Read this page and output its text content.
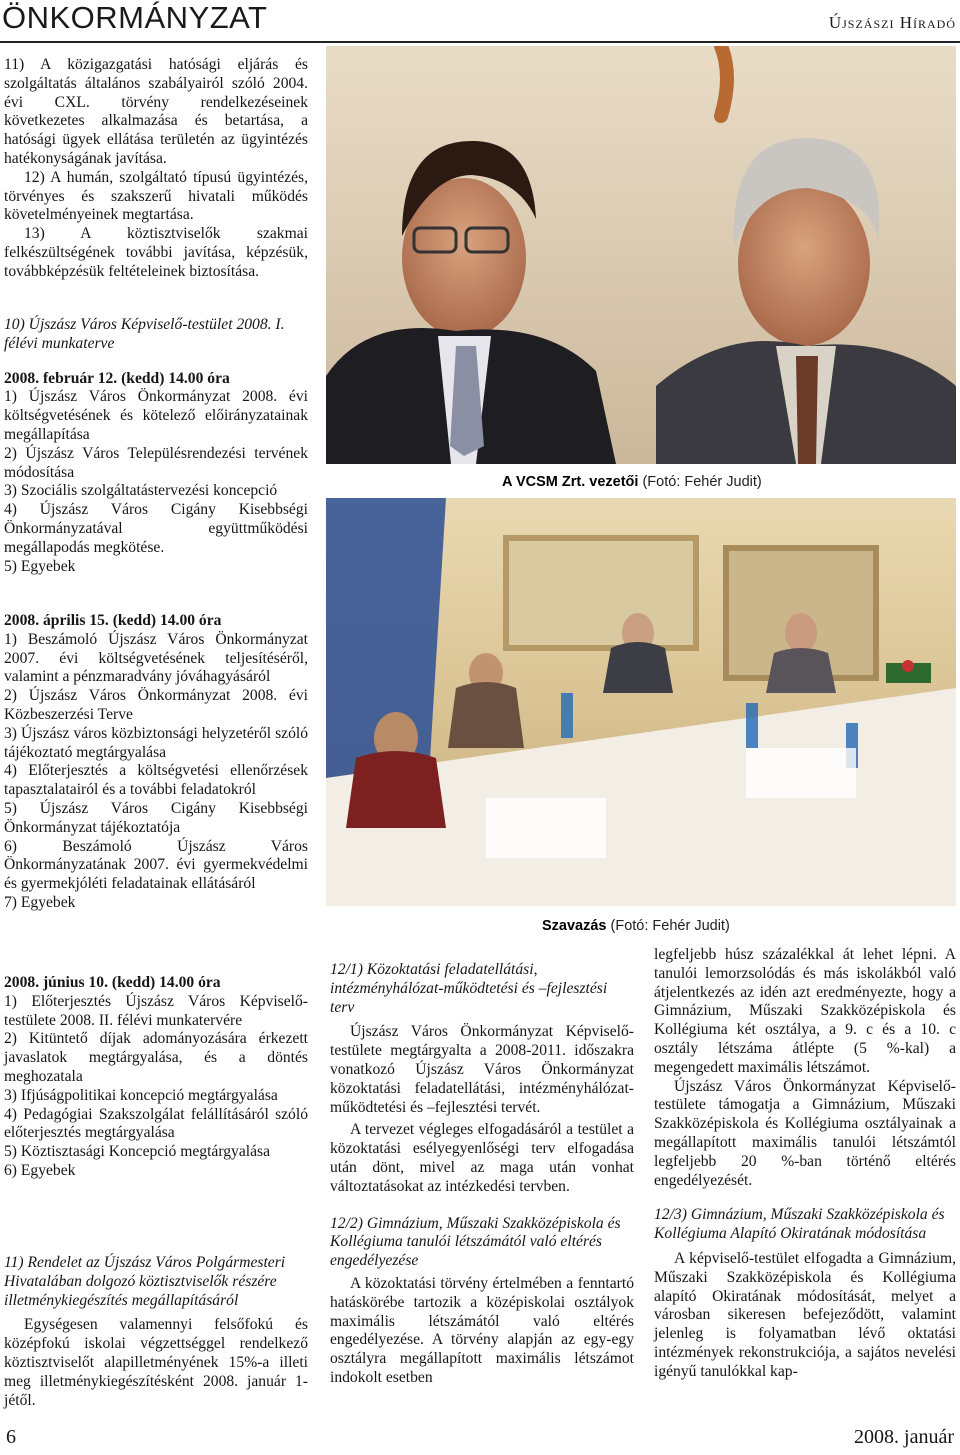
ÖNKORMÁNYZAT	Újszászi Híradó

11) A közigazgatási hatósági eljárás és szolgáltatás általános szabályairól szóló 2004. évi CXL. törvény rendelkezéseinek következetes alkalmazása és betartása, a hatósági ügyek ellátása területén az ügyintézés hatékonyságának javítása.

12) A humán, szolgáltató típusú ügyintézés, törvényes és szakszerű hivatali működés követelményeinek megtartása.

13) A köztisztviselők szakmai felkészültségének további javítása, képzésük, továbbképzésük feltételeinek biztosítása.

10) Újszász Város Képviselő-testület 2008. I. félévi munkaterve

2008. február 12. (kedd) 14.00 óra

1) Újszász Város Önkormányzat 2008. évi költségvetésének és kötelező előirányzatainak megállapítása

2) Újszász Város Településrendezési tervének módosítása

3) Szociális szolgáltatástervezési koncepció

4) Újszász Város Cigány Kisebbségi Önkormányzatával együttműködési megállapodás megkötése.

5) Egyebek

2008. április 15. (kedd) 14.00 óra

1) Beszámoló Újszász Város Önkormányzat 2007. évi költségvetésének teljesítéséről, valamint a pénzmaradvány jóváhagyásáról

2) Újszász Város Önkormányzat 2008. évi Közbeszerzési Terve

3) Újszász város közbiztonsági helyzetéről szóló tájékoztató megtárgyalása

4) Előterjesztés a költségvetési ellenőrzések tapasztalatairól és a további feladatokról

5) Újszász Város Cigány Kisebbségi Önkormányzat tájékoztatója

6) Beszámoló Újszász Város Önkormányzatának 2007. évi gyermekvédelmi és gyermekjóléti feladatainak ellátásáról

7) Egyebek

2008. június 10. (kedd) 14.00 óra

1) Előterjesztés Újszász Város Képviselő-testülete 2008. II. félévi munkatervére

2) Kitüntető díjak adományozására érkezett javaslatok megtárgyalása, és a döntés meghozatala

3) Ifjúságpolitikai koncepció megtárgyalása

4) Pedagógiai Szakszolgálat felállításáról szóló előterjesztés megtárgyalása

5) Köztisztasági Koncepció megtárgyalása

6) Egyebek

11) Rendelet az Újszász Város Polgármesteri Hivatalában dolgozó köztisztviselők részére illetménykiegészítés megállapításáról

Egységesen valamennyi felsőfokú és középfokú iskolai végzettséggel rendelkező köztisztviselőt alapilletményének 15%-a illeti meg illetménykiegészítésként 2008. január 1-jétől.

A VCSM Zrt. vezetői (Fotó: Fehér Judit)
Szavazás (Fotó: Fehér Judit)

12/1) Közoktatási feladatellátási, intézményhálózat-működtetési és –fejlesztési terv

Újszász Város Önkormányzat Képviselő-testülete megtárgyalta a 2008-2011. időszakra vonatkozó Újszász Város Önkormányzat közoktatási feladatellátási, intézményhálózat-működtetési és –fejlesztési tervét.

A tervezet végleges elfogadásáról a testület a közoktatási esélyegyenlőségi terv elfogadása után dönt, mivel az maga után vonhat változtatásokat az intézkedési tervben.

12/2) Gimnázium, Műszaki Szakközépiskola és Kollégiuma tanulói létszámától való eltérés engedélyezése

A közoktatási törvény értelmében a fenntartó hatáskörébe tartozik a középiskolai osztályok maximális létszámától való eltérés engedélyezése. A törvény alapján az egy-egy osztályra megállapított maximális létszámot indokolt esetben

legfeljebb húsz százalékkal át lehet lépni. A tanulói lemorzsolódás és más iskolákból való átjelentkezés az idén azt eredményezte, hogy a Gimnázium, Műszaki Szakközépiskola és Kollégiuma két osztálya, a 9. c és a 10. c osztály létszáma átlépte (5 %-kal) a megengedett maximális létszámot.

Újszász Város Önkormányzat Képviselő-testülete támogatja a Gimnázium, Műszaki Szakközépiskola és Kollégiuma osztályainak a megállapított maximális tanulói létszámtól legfeljebb 20 %-ban történő eltérés engedélyezését.

12/3) Gimnázium, Műszaki Szakközépiskola és Kollégiuma Alapító Okiratának módosítása

A képviselő-testület elfogadta a Gimnázium, Műszaki Szakközépiskola és Kollégiuma alapító Okiratának módosítását, melyet a városban sikeresen befejeződött, valamint jelenleg is folyamatban lévő oktatási intézmények rekonstrukciója, a sajátos nevelési igényű tanulókkal kap-

6	2008. január
